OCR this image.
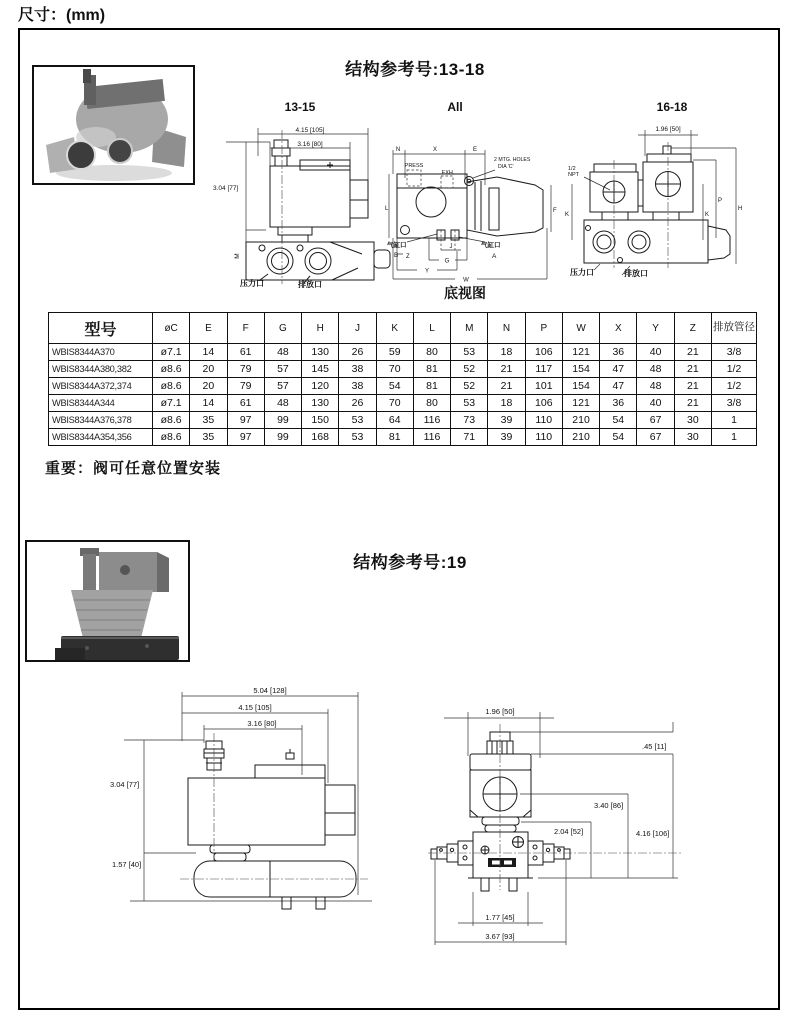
尺寸：(mm)
结构参考号:13-18
13-15	All	16-18
4.15 [105]
3.16 [80]
3.04 [77]
M
压力口	排放口
N	X	E
PRESS
EXH.
2 MTG. HOLES
DIA 'C'
L	F
气缸口
B
气缸口
A
Z
J
G
Y
W
底视图
1.96 [50]
1/2
NPT
P
H
K
K
压力口	排放口
型号	øC	E	F	G	H	J	K	L	M	N	P	W	X	Y	Z	排放管径
WBIS8344A370	ø7.1	14	61	48	130	26	59	80	53	18	106	121	36	40	21	3/8
WBIS8344A380,382	ø8.6	20	79	57	145	38	70	81	52	21	117	154	47	48	21	1/2
WBIS8344A372,374	ø8.6	20	79	57	120	38	54	81	52	21	101	154	47	48	21	1/2
WBIS8344A344	ø7.1	14	61	48	130	26	70	80	53	18	106	121	36	40	21	3/8
WBIS8344A376,378	ø8.6	35	97	99	150	53	64	116	73	39	110	210	54	67	30	1
WBIS8344A354,356	ø8.6	35	97	99	168	53	81	116	71	39	110	210	54	67	30	1
重要：阀可任意位置安装
结构参考号:19
5.04 [128]
4.15 [105]
3.16 [80]
3.04 [77]
1.57 [40]
1.96 [50]
.45 [11]
3.40 [86]
2.04 [52]	4.16 [106]
1.77 [45]
3.67 [93]
